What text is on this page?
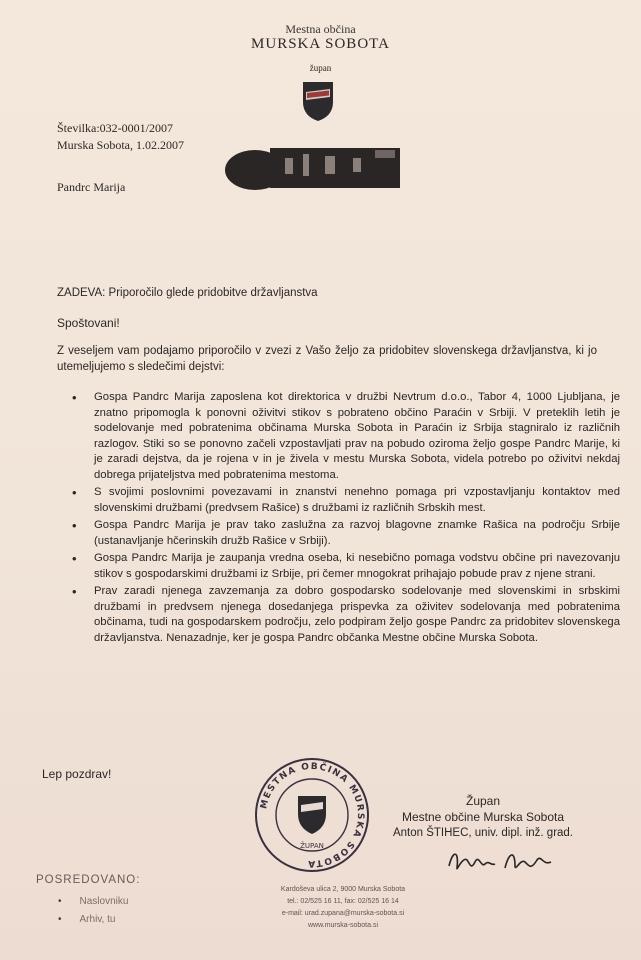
Mestna občina
MURSKA SOBOTA
župan
Številka:032-0001/2007
Murska Sobota, 1.02.2007
Pandrc Marija
ZADEVA: Priporočilo glede pridobitve državljanstva
Spoštovani!
Z veseljem vam podajamo priporočilo v zvezi z Vašo željo za pridobitev slovenskega državljanstva, ki jo utemeljujemo s sledečimi dejstvi:
• Gospa Pandrc Marija zaposlena kot direktorica v družbi Nevtrum d.o.o., Tabor 4, 1000 Ljubljana, je znatno pripomogla k ponovni oživitvi stikov s pobrateno občino Paraćin v Srbiji. V preteklih letih je sodelovanje med pobratenima občinama Murska Sobota in Paraćin iz Srbija stagniralo iz različnih razlogov. Stiki so se ponovno začeli vzpostavljati prav na pobudo oziroma željo gospe Pandrc Marije, ki je zaradi dejstva, da je rojena v in je živela v mestu Murska Sobota, videla potrebo po oživitvi nekdaj dobrega prijateljstva med pobratenima mestoma.
• S svojimi poslovnimi povezavami in znanstvi nenehno pomaga pri vzpostavljanju kontaktov med slovenskimi družbami (predvsem Rašice) s družbami iz različnih Srbskih mest.
• Gospa Pandrc Marija je prav tako zaslužna za razvoj blagovne znamke Rašica na področju Srbije (ustanavljanje hčerinskih družb Rašice v Srbiji).
• Gospa Pandrc Marija je zaupanja vredna oseba, ki nesebično pomaga vodstvu občine pri navezovanju stikov s gospodarskimi družbami iz Srbije, pri čemer mnogokrat prihajajo pobude prav z njene strani.
• Prav zaradi njenega zavzemanja za dobro gospodarsko sodelovanje med slovenskimi in srbskimi družbami in predvsem njenega dosedanjega prispevka za oživitev sodelovanja med pobratenima občinama, tudi na gospodarskem področju, zelo podpiram željo gospe Pandrc za pridobitev slovenskega državljanstva. Nenazadnje, ker je gospa Pandrc občanka Mestne občine Murska Sobota.
Lep pozdrav!
MESTNA OBČINA MURSKA SOBOTA
ŽUPAN
Župan
Mestne občine Murska Sobota
Anton ŠTIHEC, univ. dipl. inž. grad.
POSREDOVANO:
• Naslovniku
• Arhiv, tu
Kardoševa ulica 2, 9000 Murska Sobota
tel.: 02/525 16 11, fax: 02/525 16 14
e-mail: urad.zupana@murska-sobota.si
www.murska-sobota.si
